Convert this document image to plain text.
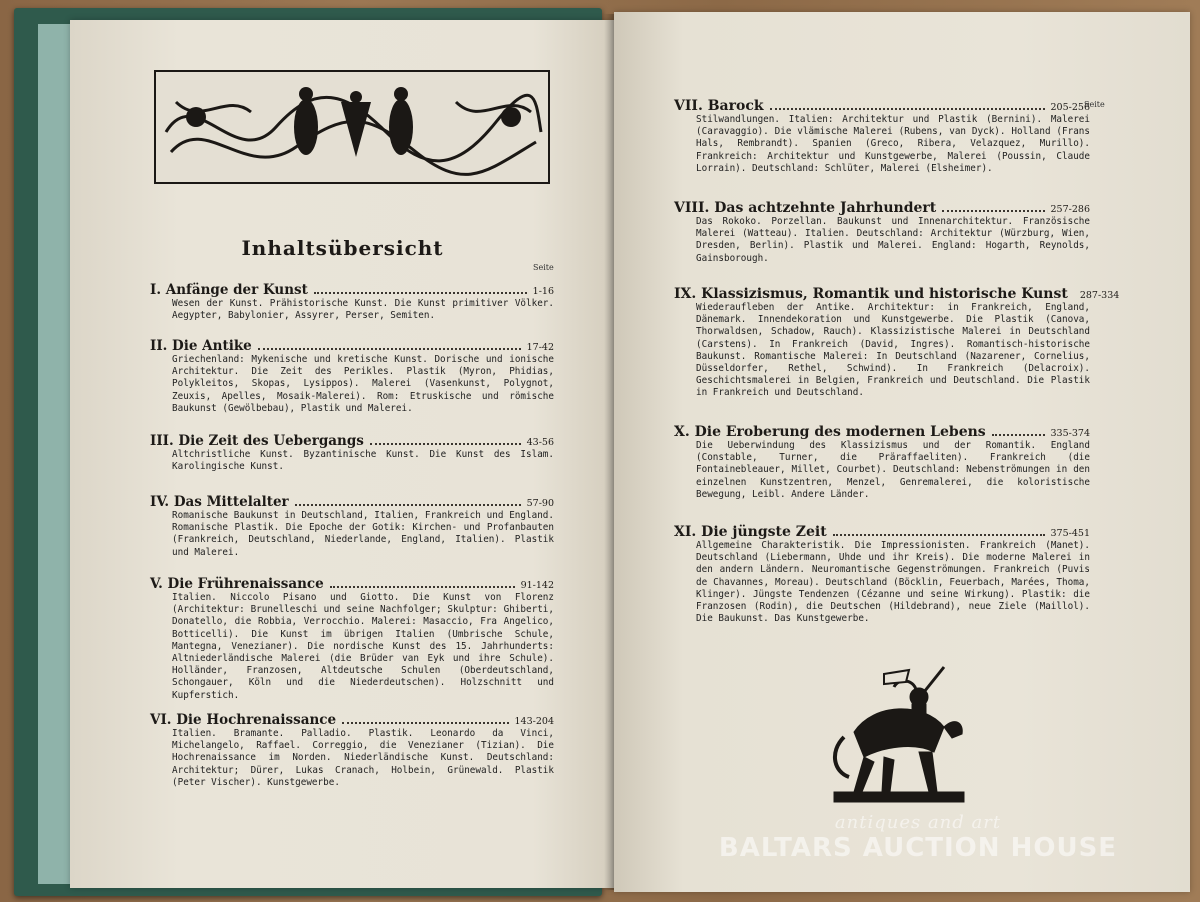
Inhaltsübersicht
Seite
I. Anfänge der Kunst	1-16
Wesen der Kunst. Prähistorische Kunst. Die Kunst primitiver Völker. Aegypter, Babylonier, Assyrer, Perser, Semiten.
II. Die Antike	17-42
Griechenland: Mykenische und kretische Kunst. Dorische und ionische Architektur. Die Zeit des Perikles. Plastik (Myron, Phidias, Polykleitos, Skopas, Lysippos). Malerei (Vasenkunst, Polygnot, Zeuxis, Apelles, Mosaik-Malerei). Rom: Etruskische und römische Baukunst (Gewölbebau), Plastik und Malerei.
III. Die Zeit des Uebergangs	43-56
Altchristliche Kunst. Byzantinische Kunst. Die Kunst des Islam. Karolingische Kunst.
IV. Das Mittelalter	57-90
Romanische Baukunst in Deutschland, Italien, Frankreich und England. Romanische Plastik. Die Epoche der Gotik: Kirchen- und Profanbauten (Frankreich, Deutschland, Niederlande, England, Italien). Plastik und Malerei.
V. Die Frührenaissance	91-142
Italien. Niccolo Pisano und Giotto. Die Kunst von Florenz (Architektur: Brunelleschi und seine Nachfolger; Skulptur: Ghiberti, Donatello, die Robbia, Verrocchio. Malerei: Masaccio, Fra Angelico, Botticelli). Die Kunst im übrigen Italien (Umbrische Schule, Mantegna, Venezianer). Die nordische Kunst des 15. Jahrhunderts: Altniederländische Malerei (die Brüder van Eyk und ihre Schule). Holländer, Franzosen, Altdeutsche Schulen (Oberdeutschland, Schongauer, Köln und die Niederdeutschen). Holzschnitt und Kupferstich.
VI. Die Hochrenaissance	143-204
Italien. Bramante. Palladio. Plastik. Leonardo da Vinci, Michelangelo, Raffael. Correggio, die Venezianer (Tizian). Die Hochrenaissance im Norden. Niederländische Kunst. Deutschland: Architektur; Dürer, Lukas Cranach, Holbein, Grünewald. Plastik (Peter Vischer). Kunstgewerbe.
Seite
VII. Barock	205-256
Stilwandlungen. Italien: Architektur und Plastik (Bernini). Malerei (Caravaggio). Die vlämische Malerei (Rubens, van Dyck). Holland (Frans Hals, Rembrandt). Spanien (Greco, Ribera, Velazquez, Murillo). Frankreich: Architektur und Kunstgewerbe, Malerei (Poussin, Claude Lorrain). Deutschland: Schlüter, Malerei (Elsheimer).
VIII. Das achtzehnte Jahrhundert	257-286
Das Rokoko. Porzellan. Baukunst und Innenarchitektur. Französische Malerei (Watteau). Italien. Deutschland: Architektur (Würzburg, Wien, Dresden, Berlin). Plastik und Malerei. England: Hogarth, Reynolds, Gainsborough.
IX. Klassizismus, Romantik und historische Kunst 287-334
Wiederaufleben der Antike. Architektur: in Frankreich, England, Dänemark. Innendekoration und Kunstgewerbe. Die Plastik (Canova, Thorwaldsen, Schadow, Rauch). Klassizistische Malerei in Deutschland (Carstens). In Frankreich (David, Ingres). Romantisch-historische Baukunst. Romantische Malerei: In Deutschland (Nazarener, Cornelius, Düsseldorfer, Rethel, Schwind). In Frankreich (Delacroix). Geschichtsmalerei in Belgien, Frankreich und Deutschland. Die Plastik in Frankreich und Deutschland.
X. Die Eroberung des modernen Lebens	335-374
Die Ueberwindung des Klassizismus und der Romantik. England (Constable, Turner, die Präraffaeliten). Frankreich (die Fontainebleauer, Millet, Courbet). Deutschland: Nebenströmungen in den einzelnen Kunstzentren, Menzel, Genremalerei, die koloristische Bewegung, Leibl. Andere Länder.
XI. Die jüngste Zeit	375-451
Allgemeine Charakteristik. Die Impressionisten. Frankreich (Manet). Deutschland (Liebermann, Uhde und ihr Kreis). Die moderne Malerei in den andern Ländern. Neuromantische Gegenströmungen. Frankreich (Puvis de Chavannes, Moreau). Deutschland (Böcklin, Feuerbach, Marées, Thoma, Klinger). Jüngste Tendenzen (Cézanne und seine Wirkung). Plastik: die Franzosen (Rodin), die Deutschen (Hildebrand), neue Ziele (Maillol). Die Baukunst. Das Kunstgewerbe.
antiques and art
BALTARS AUCTION HOUSE
